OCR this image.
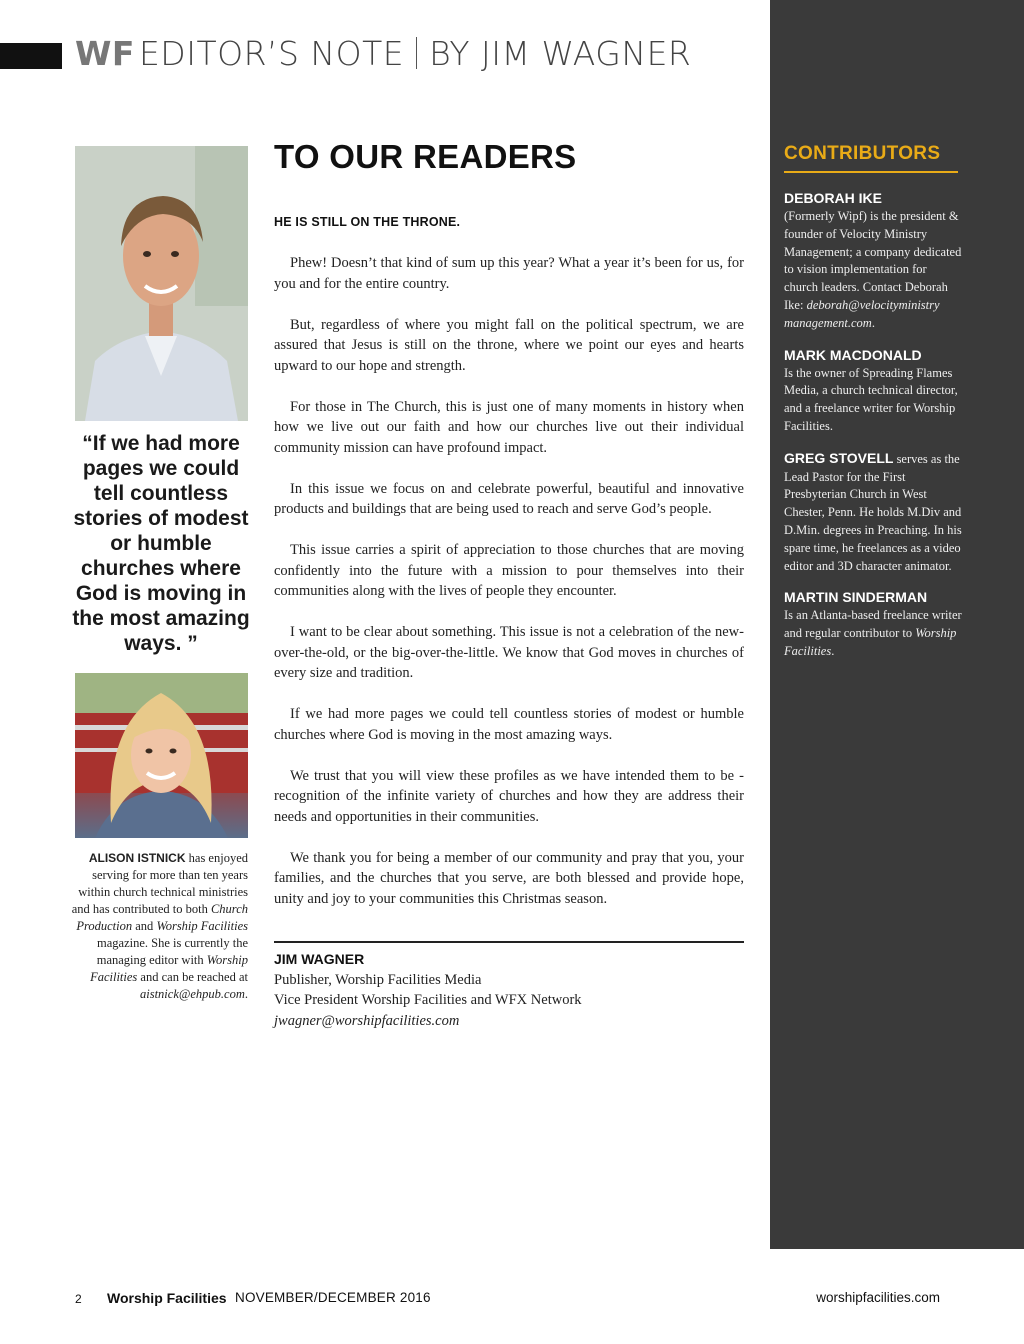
WF EDITOR’S NOTE BY JIM WAGNER
“If we had more pages we could tell countless stories of modest or humble churches where God is moving in the most amazing ways. ”
ALISON ISTNICK has enjoyed serving for more than ten years within church technical ministries and has contributed to both Church Production and Worship Facilities magazine. She is currently the managing editor with Worship Facilities and can be reached at aistnick@ehpub.com.
TO OUR READERS
HE IS STILL ON THE THRONE.

Phew! Doesn’t that kind of sum up this year? What a year it’s been for us, for you and for the entire country.

But, regardless of where you might fall on the political spectrum, we are assured that Jesus is still on the throne, where we point our eyes and hearts upward to our hope and strength.

For those in The Church, this is just one of many moments in history when how we live out our faith and how our churches live out their individual community mission can have profound impact.

In this issue we focus on and celebrate powerful, beautiful and innovative products and buildings that are being used to reach and serve God’s people.

This issue carries a spirit of appreciation to those churches that are moving confidently into the future with a mission to pour themselves into their communities along with the lives of people they encounter.

I want to be clear about something. This issue is not a celebration of the new-over-the-old, or the big-over-the-little. We know that God moves in churches of every size and tradition.

If we had more pages we could tell countless stories of modest or humble churches where God is moving in the most amazing ways.

We trust that you will view these profiles as we have intended them to be - recognition of the infinite variety of churches and how they are address their needs and opportunities in their communities.

We thank you for being a member of our community and pray that you, your families, and the churches that you serve, are both blessed and provide hope, unity and joy to your communities this Christmas season.

JIM WAGNER
Publisher, Worship Facilities Media
Vice President Worship Facilities and WFX Network
jwagner@worshipfacilities.com
CONTRIBUTORS
DEBORAH IKE
(Formerly Wipf) is the president & founder of Velocity Ministry Management; a company dedicated to vision implementation for church leaders. Contact Deborah Ike: deborah@velocityministry management.com.
MARK MACDONALD
Is the owner of Spreading Flames Media, a church technical director, and a freelance writer for Worship Facilities.
GREG STOVELL serves as the Lead Pastor for the First Presbyterian Church in West Chester, Penn. He holds M.Div and D.Min. degrees in Preaching. In his spare time, he freelances as a video editor and 3D character animator.
MARTIN SINDERMAN
Is an Atlanta-based freelance writer and regular contributor to Worship Facilities.
2 Worship Facilities NOVEMBER/DECEMBER 2016	worshipfacilities.com
